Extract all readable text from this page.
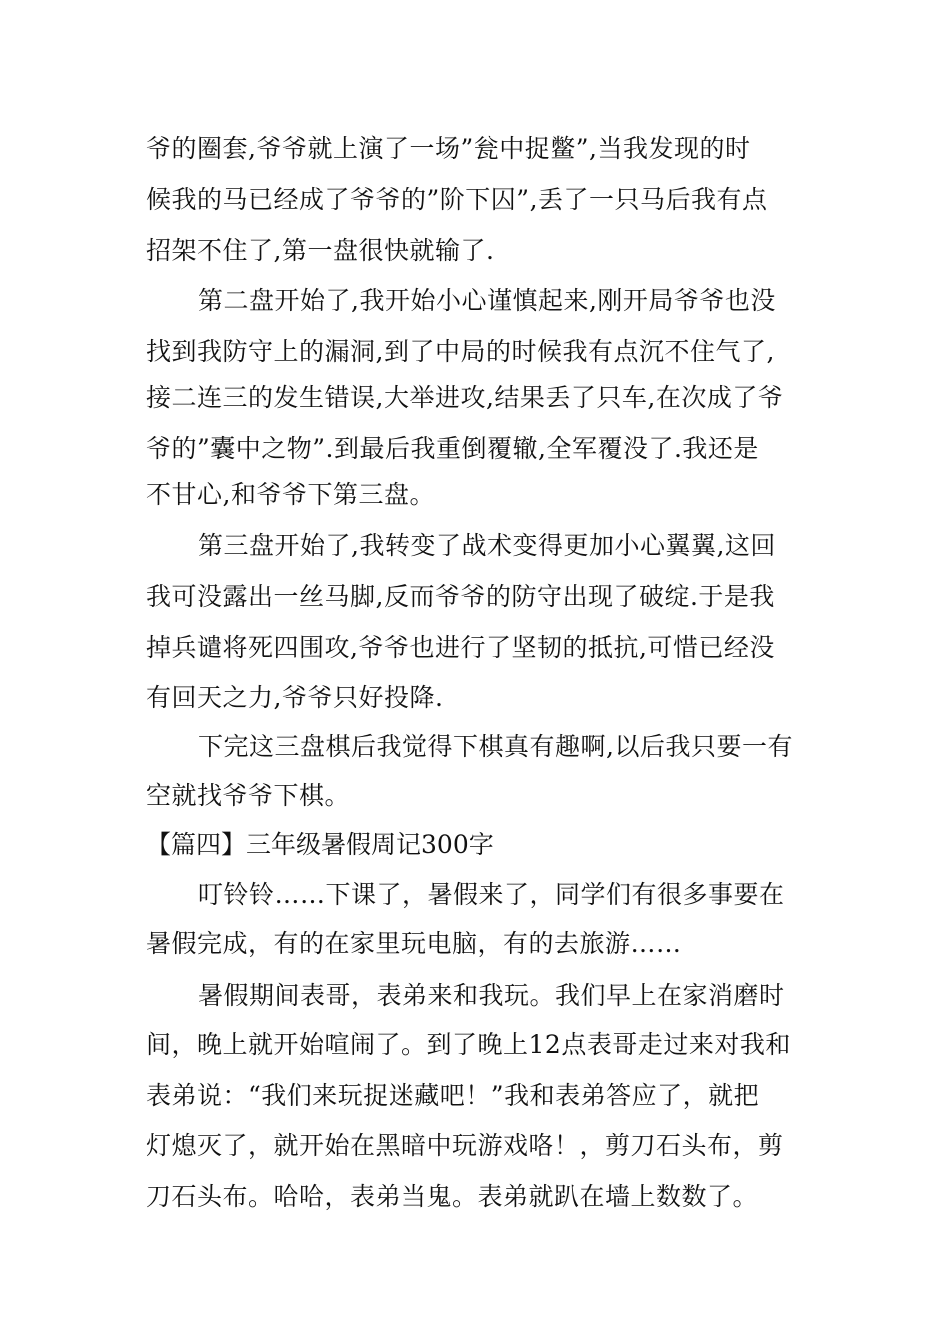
爷的圈套,爷爷就上演了一场”瓮中捉鳖”,当我发现的时
候我的马已经成了爷爷的”阶下囚”,丢了一只马后我有点
招架不住了,第一盘很快就输了.
第二盘开始了,我开始小心谨慎起来,刚开局爷爷也没
找到我防守上的漏洞,到了中局的时候我有点沉不住气了,
接二连三的发生错误,大举进攻,结果丢了只车,在次成了爷
爷的”囊中之物”.到最后我重倒覆辙,全军覆没了.我还是
不甘心,和爷爷下第三盘。
第三盘开始了,我转变了战术变得更加小心翼翼,这回
我可没露出一丝马脚,反而爷爷的防守出现了破绽.于是我
掉兵谴将死四围攻,爷爷也进行了坚韧的抵抗,可惜已经没
有回天之力,爷爷只好投降.
下完这三盘棋后我觉得下棋真有趣啊,以后我只要一有
空就找爷爷下棋。
【篇四】三年级暑假周记300字
叮铃铃……下课了，暑假来了，同学们有很多事要在
暑假完成，有的在家里玩电脑，有的去旅游……
暑假期间表哥，表弟来和我玩。我们早上在家消磨时
间，晚上就开始喧闹了。到了晚上12点表哥走过来对我和
表弟说：“我们来玩捉迷藏吧！”我和表弟答应了，就把
灯熄灭了，就开始在黑暗中玩游戏咯！，剪刀石头布，剪
刀石头布。哈哈，表弟当鬼。表弟就趴在墙上数数了。
